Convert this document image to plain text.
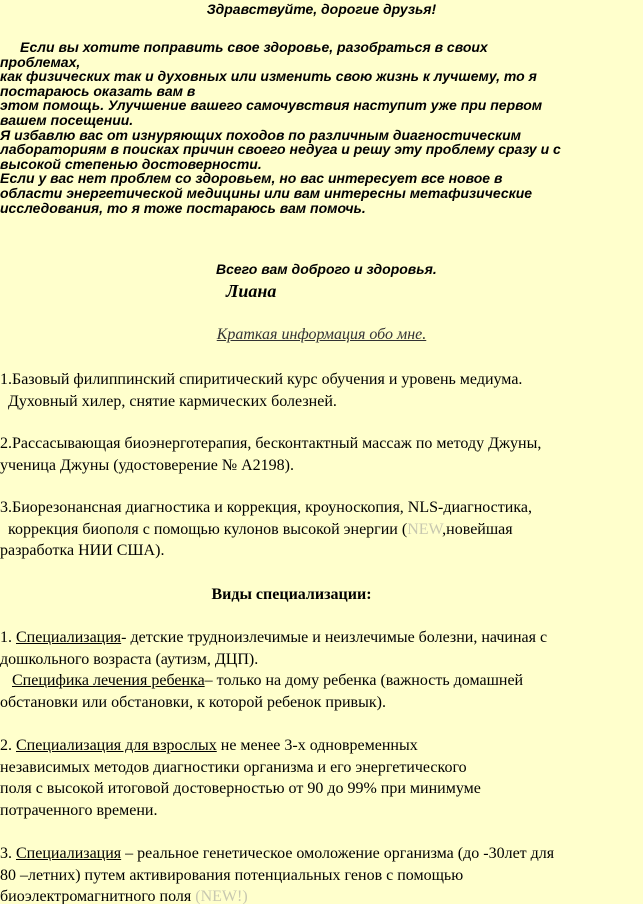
Здравствуйте, дорогие друзья!
Если вы хотите поправить свое здоровье, разобраться в своих
проблемах,
как физических так и духовных или изменить свою жизнь к лучшему, то я
постараюсь оказать вам в
этом помощь. Улучшение вашего самочувствия наступит уже при первом
вашем посещении.
Я избавлю вас от изнуряющих походов по различным диагностическим
лабораториям в поисках причин своего недуга и решу эту проблему сразу и с
высокой степенью достоверности.
Если у вас нет проблем со здоровьем, но вас интересует все новое в
области энергетической медицины или вам интересны метафизические
исследования, то я тоже постараюсь вам помочь.
Всего вам доброго и здоровья.
Лиана
Краткая информация обо мне.
1.Базовый филиппинский спиритический курс обучения и уровень медиума.
Духовный хилер, снятие кармических болезней.
2.Рассасывающая биоэнерготерапия, бесконтактный массаж по методу Джуны,
ученица Джуны (удостоверение № А2198).
3.Биорезонансная диагностика и коррекция, кроуноскопия, NLS-диагностика,
коррекция биополя с помощью кулонов высокой энергии (NEW,новейшая
разработка НИИ США).
Виды специализации:
1. Специализация- детские трудноизлечимые и неизлечимые болезни, начиная с
дошкольного возраста (аутизм, ДЦП).
Специфика лечения ребенка– только на дому ребенка (важность домашней
обстановки или обстановки, к которой ребенок привык).
2. Специализация для взрослых не менее 3-х одновременных
независимых методов диагностики организма и его энергетического
поля с высокой итоговой достоверностью от 90 до 99% при минимуме
потраченного времени.
3. Специализация – реальное генетическое омоложение организма (до -30лет для
80 –летних) путем активирования потенциальных генов с помощью
биоэлектромагнитного поля (NEW!)
